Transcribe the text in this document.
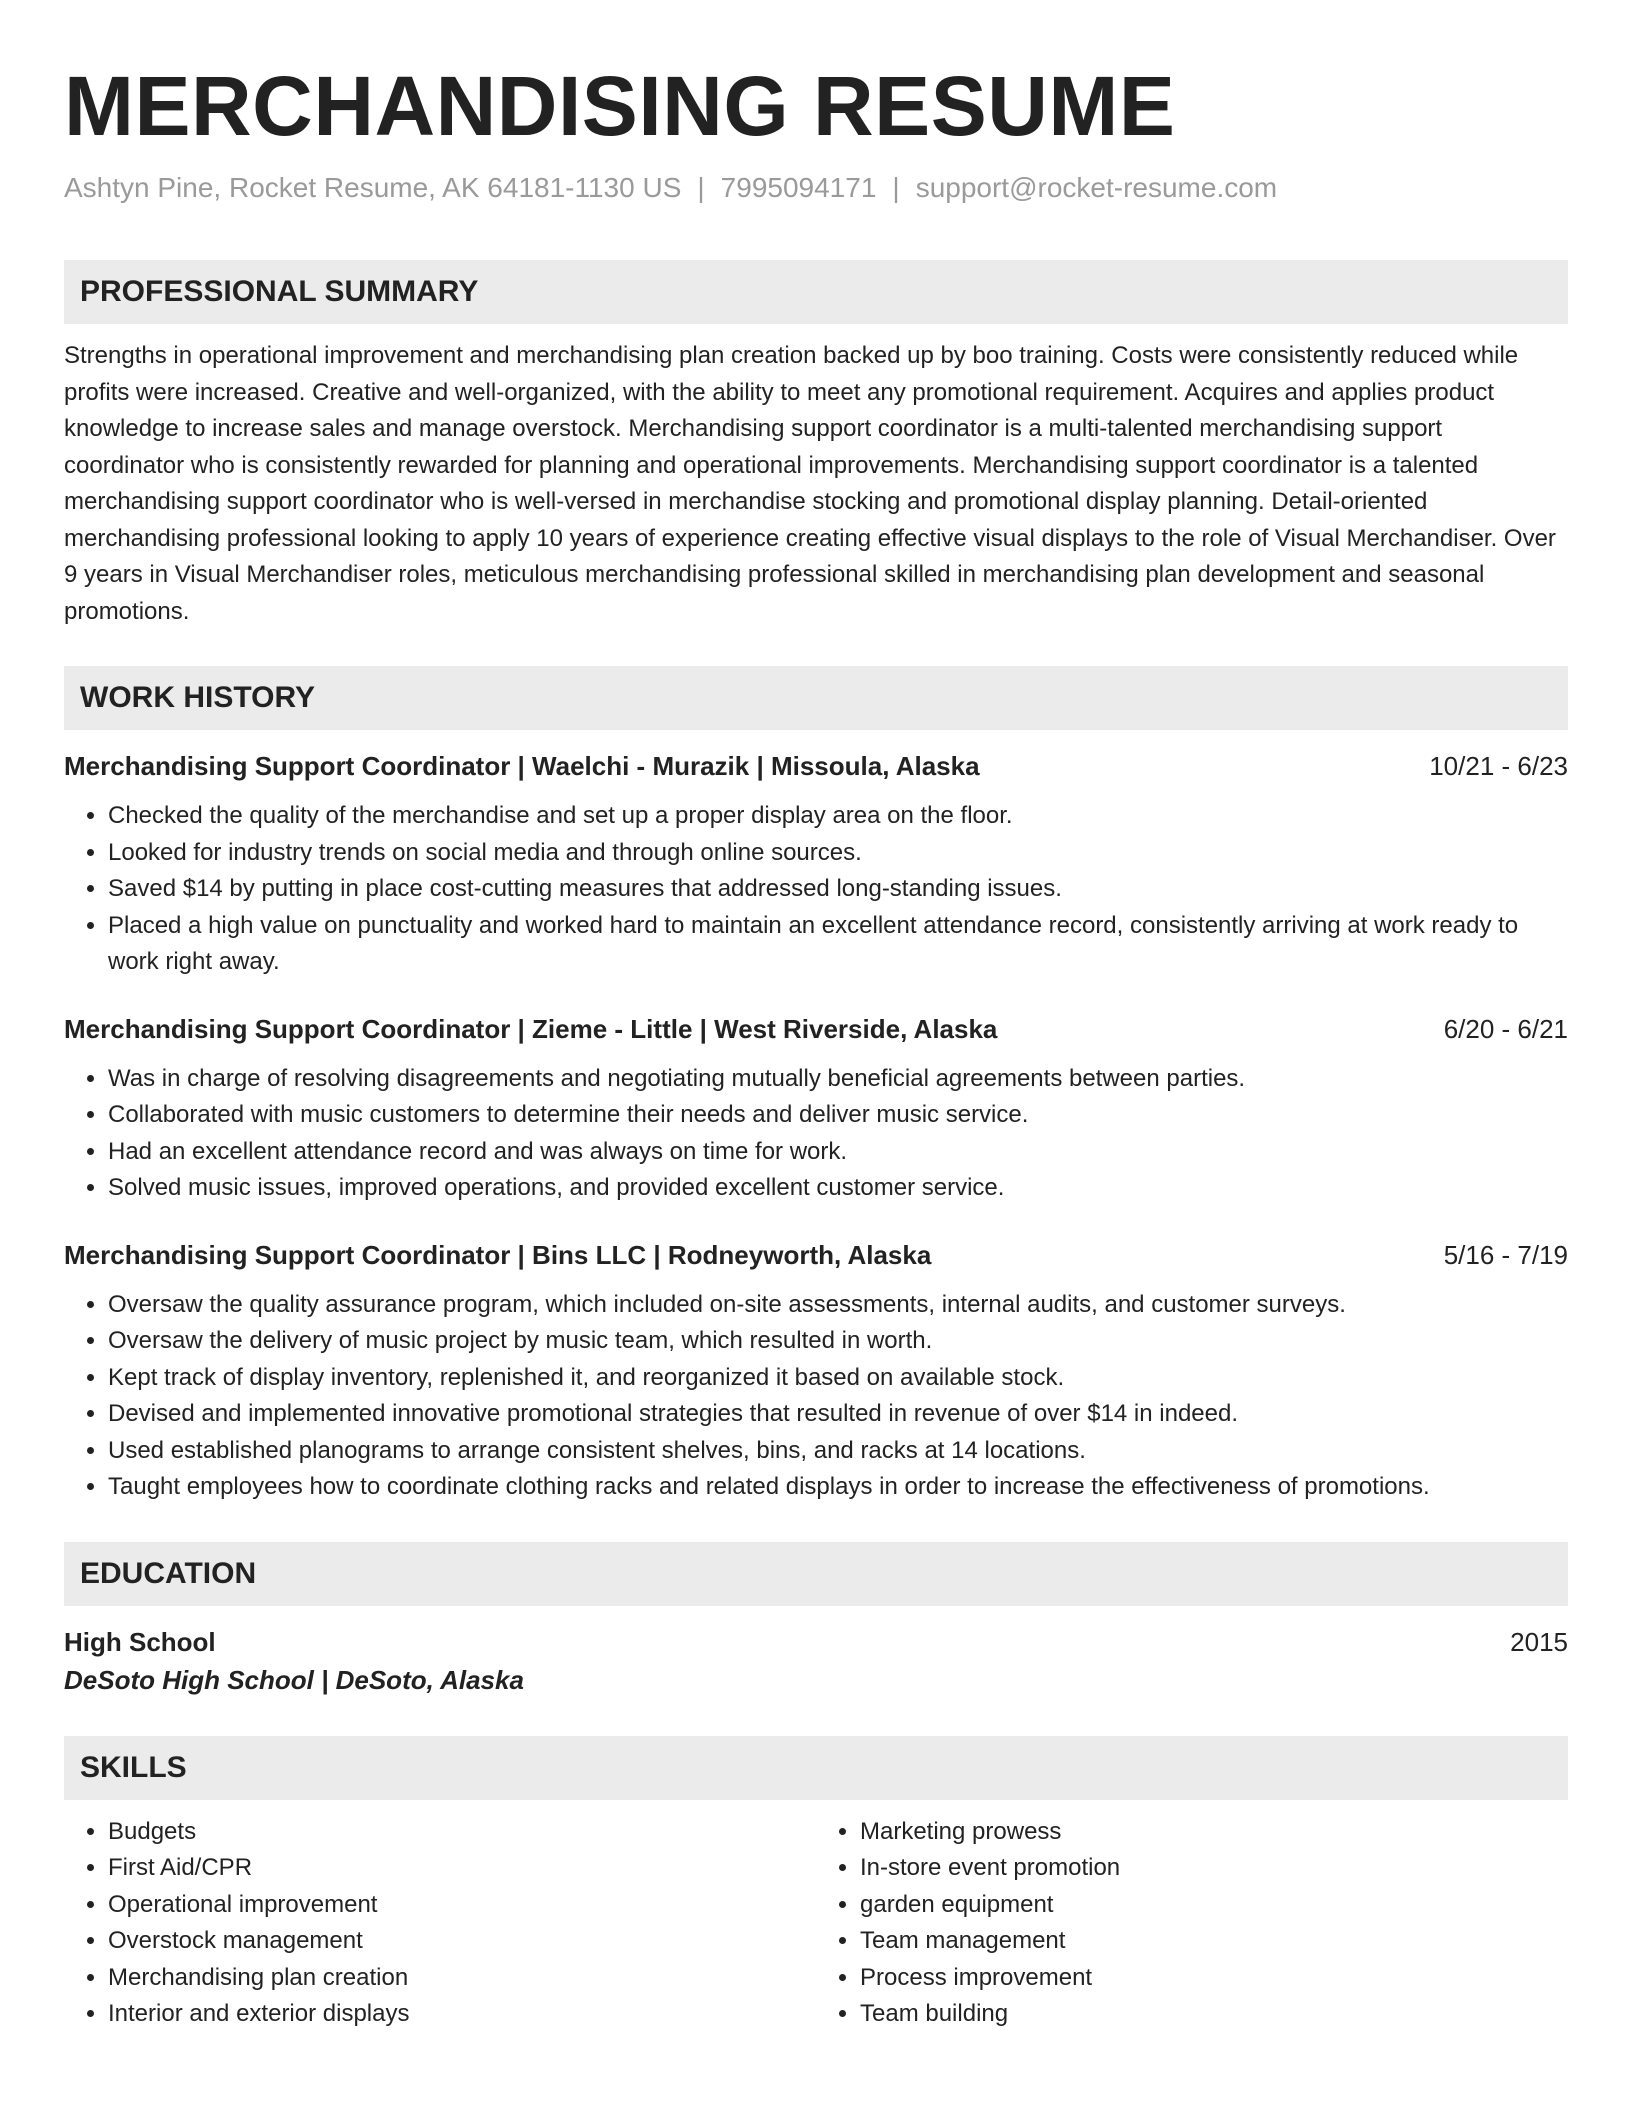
MERCHANDISING RESUME
Ashtyn Pine, Rocket Resume, AK 64181-1130 US | 7995094171 | support@rocket-resume.com
PROFESSIONAL SUMMARY
Strengths in operational improvement and merchandising plan creation backed up by boo training. Costs were consistently reduced while profits were increased. Creative and well-organized, with the ability to meet any promotional requirement. Acquires and applies product knowledge to increase sales and manage overstock. Merchandising support coordinator is a multi-talented merchandising support coordinator who is consistently rewarded for planning and operational improvements. Merchandising support coordinator is a talented merchandising support coordinator who is well-versed in merchandise stocking and promotional display planning. Detail-oriented merchandising professional looking to apply 10 years of experience creating effective visual displays to the role of Visual Merchandiser. Over 9 years in Visual Merchandiser roles, meticulous merchandising professional skilled in merchandising plan development and seasonal promotions.
WORK HISTORY
Merchandising Support Coordinator | Waelchi - Murazik | Missoula, Alaska	10/21 - 6/23
• Checked the quality of the merchandise and set up a proper display area on the floor.
• Looked for industry trends on social media and through online sources.
• Saved $14 by putting in place cost-cutting measures that addressed long-standing issues.
• Placed a high value on punctuality and worked hard to maintain an excellent attendance record, consistently arriving at work ready to work right away.
Merchandising Support Coordinator | Zieme - Little | West Riverside, Alaska	6/20 - 6/21
• Was in charge of resolving disagreements and negotiating mutually beneficial agreements between parties.
• Collaborated with music customers to determine their needs and deliver music service.
• Had an excellent attendance record and was always on time for work.
• Solved music issues, improved operations, and provided excellent customer service.
Merchandising Support Coordinator | Bins LLC | Rodneyworth, Alaska	5/16 - 7/19
• Oversaw the quality assurance program, which included on-site assessments, internal audits, and customer surveys.
• Oversaw the delivery of music project by music team, which resulted in worth.
• Kept track of display inventory, replenished it, and reorganized it based on available stock.
• Devised and implemented innovative promotional strategies that resulted in revenue of over $14 in indeed.
• Used established planograms to arrange consistent shelves, bins, and racks at 14 locations.
• Taught employees how to coordinate clothing racks and related displays in order to increase the effectiveness of promotions.
EDUCATION
High School	2015
DeSoto High School | DeSoto, Alaska
SKILLS
• Budgets
• First Aid/CPR
• Operational improvement
• Overstock management
• Merchandising plan creation
• Interior and exterior displays
• Marketing prowess
• In-store event promotion
• garden equipment
• Team management
• Process improvement
• Team building
